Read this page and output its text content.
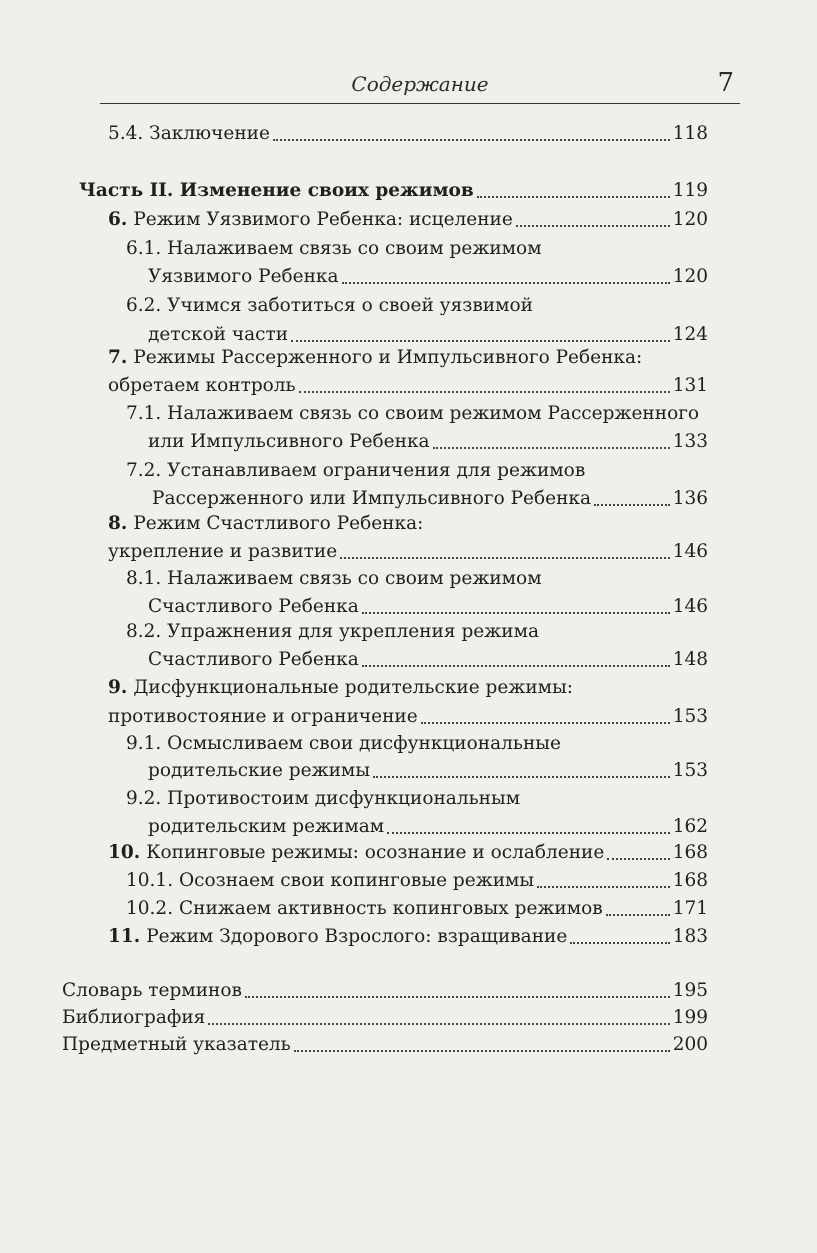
Содержание	7
5.4. Заключение	118
Часть II. Изменение своих режимов	119
6. Режим Уязвимого Ребенка: исцеление	120
6.1. Налаживаем связь со своим режимом
Уязвимого Ребенка	120
6.2. Учимся заботиться о своей уязвимой
детской части	124
7. Режимы Рассерженного и Импульсивного Ребенка:
обретаем контроль	131
7.1. Налаживаем связь со своим режимом Рассерженного
или Импульсивного Ребенка	133
7.2. Устанавливаем ограничения для режимов
Рассерженного или Импульсивного Ребенка	136
8. Режим Счастливого Ребенка:
укрепление и развитие	146
8.1. Налаживаем связь со своим режимом
Счастливого Ребенка	146
8.2. Упражнения для укрепления режима
Счастливого Ребенка	148
9. Дисфункциональные родительские режимы:
противостояние и ограничение	153
9.1. Осмысливаем свои дисфункциональные
родительские режимы	153
9.2. Противостоим дисфункциональным
родительским режимам	162
10. Копинговые режимы: осознание и ослабление	168
10.1. Осознаем свои копинговые режимы	168
10.2. Снижаем активность копинговых режимов	171
11. Режим Здорового Взрослого: взращивание	183
Словарь терминов	195
Библиография	199
Предметный указатель	200
